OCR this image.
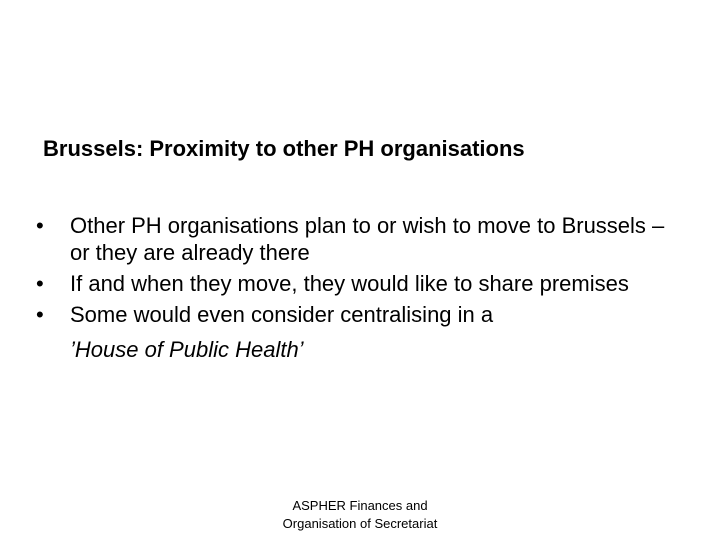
Brussels: Proximity to other PH organisations
•	Other PH organisations plan to or wish to move to Brussels – or they are already there
•	If and when they move, they would like to share premises
•	Some would even consider centralising in a
’House of Public Health’
ASPHER Finances and
Organisation of Secretariat
